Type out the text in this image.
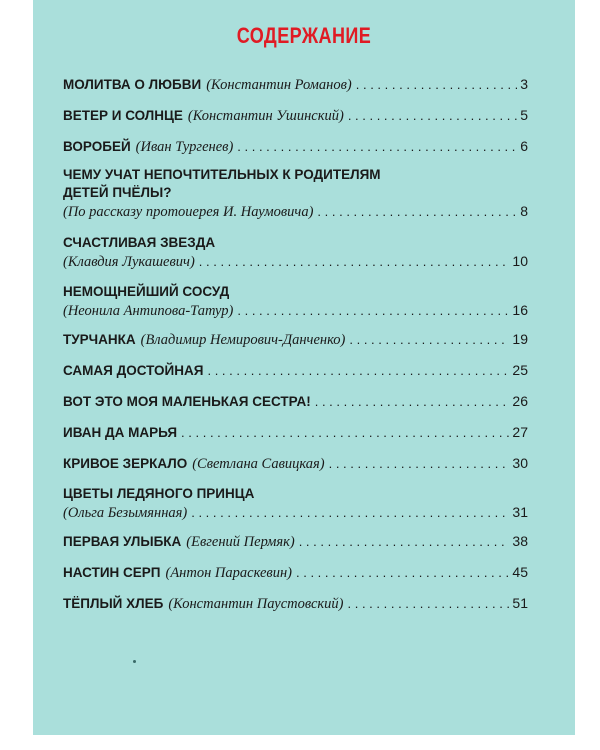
СОДЕРЖАНИЕ
МОЛИТВА О ЛЮБВИ (Константин Романов) . . .	3
ВЕТЕР И СОЛНЦЕ (Константин Ушинский) . . .	5
ВОРОБЕЙ (Иван Тургенев) . . .	6
ЧЕМУ УЧАТ НЕПОЧТИТЕЛЬНЫХ К РОДИТЕЛЯМ
ДЕТЕЙ ПЧЁЛЫ?
(По рассказу протоиерея И. Наумовича) . . .	8
СЧАСТЛИВАЯ ЗВЕЗДА
(Клавдия Лукашевич) . . .	10
НЕМОЩНЕЙШИЙ СОСУД
(Неонила Антипова-Татур) . . .	16
ТУРЧАНКА (Владимир Немирович-Данченко) . . .	19
САМАЯ ДОСТОЙНАЯ . . .	25
ВОТ ЭТО МОЯ МАЛЕНЬКАЯ СЕСТРА! . . .	26
ИВАН ДА МАРЬЯ . . .	27
КРИВОЕ ЗЕРКАЛО (Светлана Савицкая) . . .	30
ЦВЕТЫ ЛЕДЯНОГО ПРИНЦА
(Ольга Безымянная) . . .	31
ПЕРВАЯ УЛЫБКА (Евгений Пермяк) . . .	38
НАСТИН СЕРП (Антон Параскевин) . . .	45
ТЁПЛЫЙ ХЛЕБ (Константин Паустовский) . . .	51
